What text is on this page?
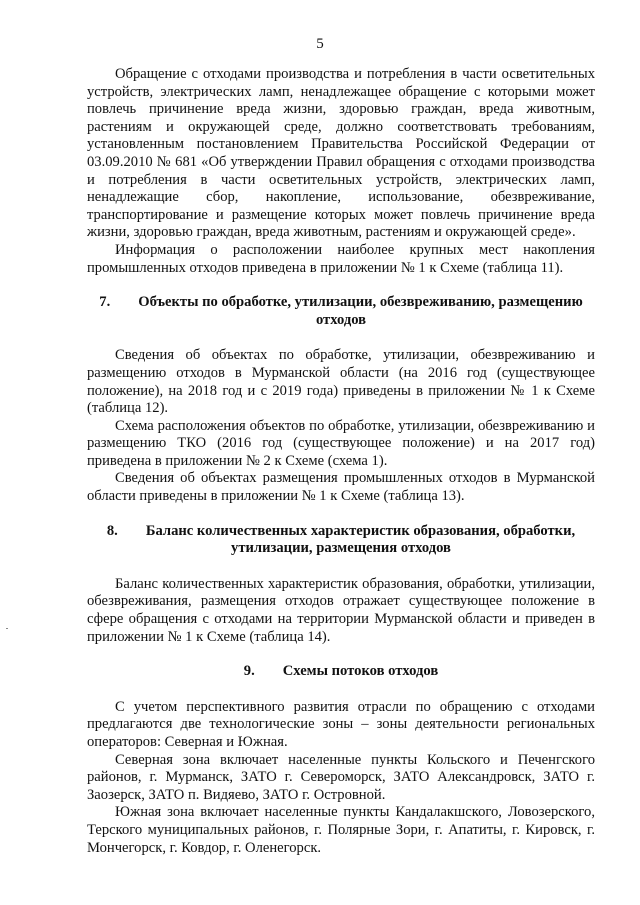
5

Обращение с отходами производства и потребления в части осветительных устройств, электрических ламп, ненадлежащее обращение с которыми может повлечь причинение вреда жизни, здоровью граждан, вреда животным, растениям и окружающей среде, должно соответствовать требованиям, установленным постановлением Правительства Российской Федерации от 03.09.2010 № 681 «Об утверждении Правил обращения с отходами производства и потребления в части осветительных устройств, электрических ламп, ненадлежащие сбор, накопление, использование, обезвреживание, транспортирование и размещение которых может повлечь причинение вреда жизни, здоровью граждан, вреда животным, растениям и окружающей среде».

Информация о расположении наиболее крупных мест накопления промышленных отходов приведена в приложении № 1 к Схеме (таблица 11).

7. Объекты по обработке, утилизации, обезвреживанию, размещению отходов

Сведения об объектах по обработке, утилизации, обезвреживанию и размещению отходов в Мурманской области (на 2016 год (существующее положение), на 2018 год и с 2019 года) приведены в приложении № 1 к Схеме (таблица 12).

Схема расположения объектов по обработке, утилизации, обезвреживанию и размещению ТКО (2016 год (существующее положение) и на 2017 год) приведена в приложении № 2 к Схеме (схема 1).

Сведения об объектах размещения промышленных отходов в Мурманской области приведены в приложении № 1 к Схеме (таблица 13).

8. Баланс количественных характеристик образования, обработки, утилизации, размещения отходов

Баланс количественных характеристик образования, обработки, утилизации, обезвреживания, размещения отходов отражает существующее положение в сфере обращения с отходами на территории Мурманской области и приведен в приложении № 1 к Схеме (таблица 14).

9. Схемы потоков отходов

С учетом перспективного развития отрасли по обращению с отходами предлагаются две технологические зоны – зоны деятельности региональных операторов: Северная и Южная.

Северная зона включает населенные пункты Кольского и Печенгского районов, г. Мурманск, ЗАТО г. Североморск, ЗАТО Александровск, ЗАТО г. Заозерск, ЗАТО п. Видяево, ЗАТО г. Островной.

Южная зона включает населенные пункты Кандалакшского, Ловозерского, Терского муниципальных районов, г. Полярные Зори, г. Апатиты, г. Кировск, г. Мончегорск, г. Ковдор, г. Оленегорск.
